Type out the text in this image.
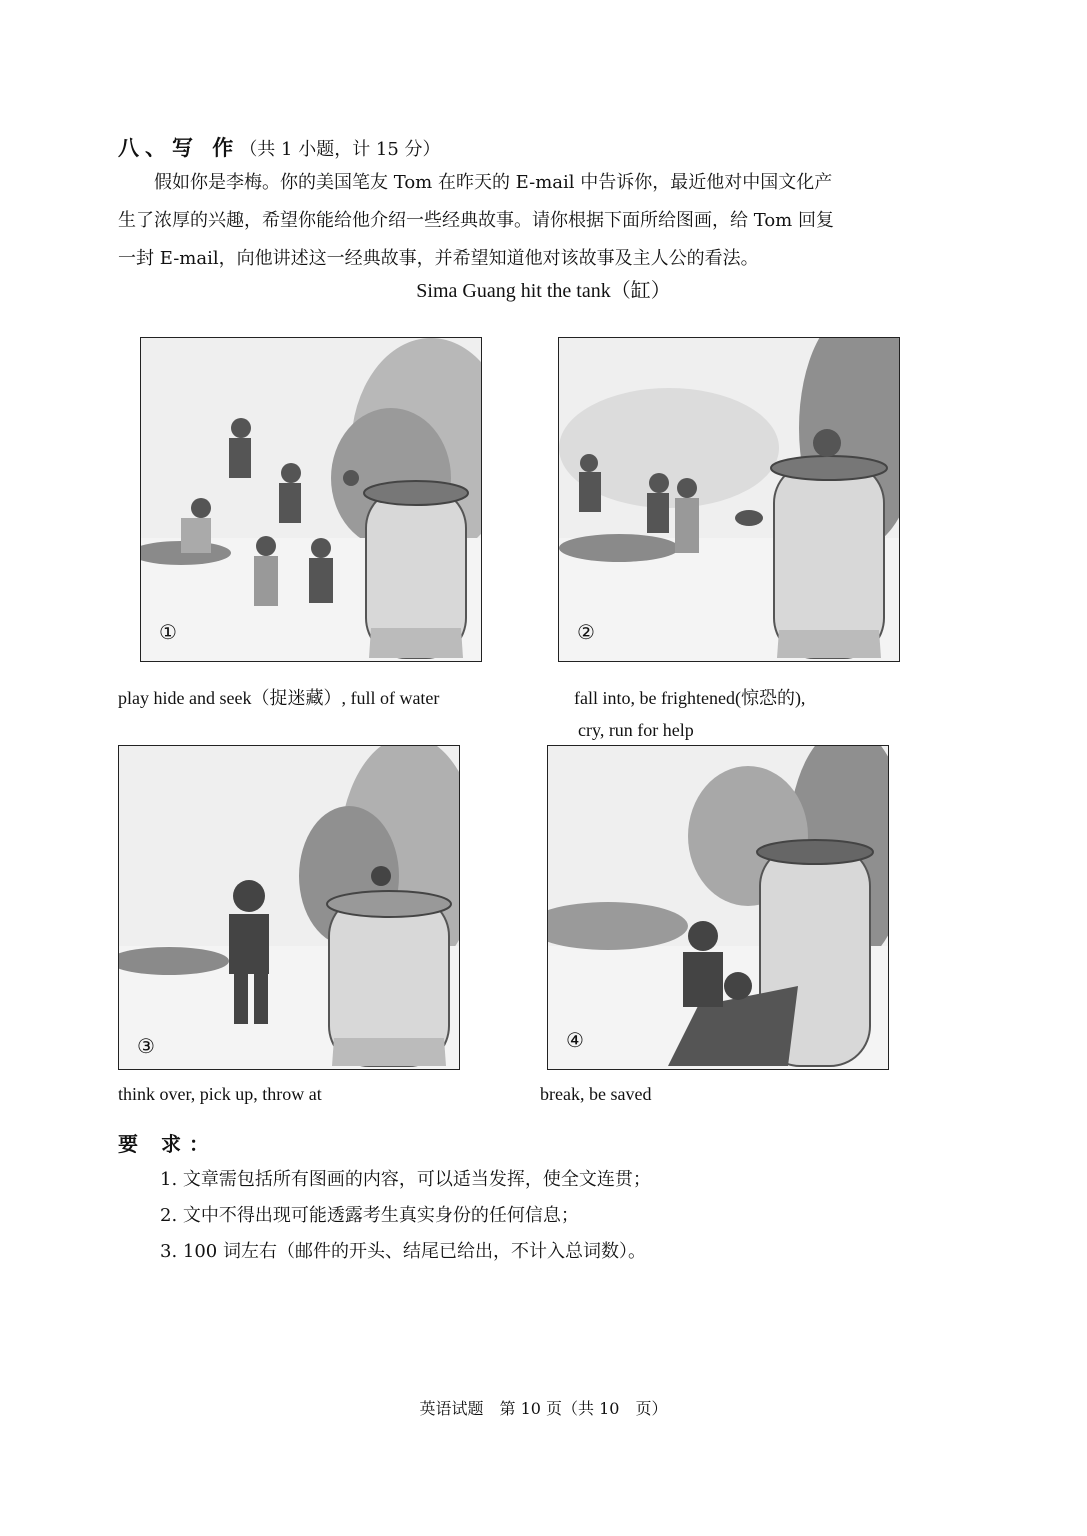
八、写 作（共 1 小题，计 15 分）

　　假如你是李梅。你的美国笔友 Tom 在昨天的 E-mail 中告诉你，最近他对中国文化产

生了浓厚的兴趣，希望你能给他介绍一些经典故事。请你根据下面所给图画，给 Tom 回复

一封 E-mail，向他讲述这一经典故事，并希望知道他对该故事及主人公的看法。

Sima Guang hit the tank（缸）
①	②
play hide and seek（捉迷藏）, full of water	fall into, be frightened(惊恐的),
cry, run for help
③	④
think over, pick up, throw at	break, be saved
要 求：
1. 文章需包括所有图画的内容，可以适当发挥，使全文连贯；
2. 文中不得出现可能透露考生真实身份的任何信息；
3. 100 词左右（邮件的开头、结尾已给出，不计入总词数）。
英语试题　第 10 页（共 10　页）
